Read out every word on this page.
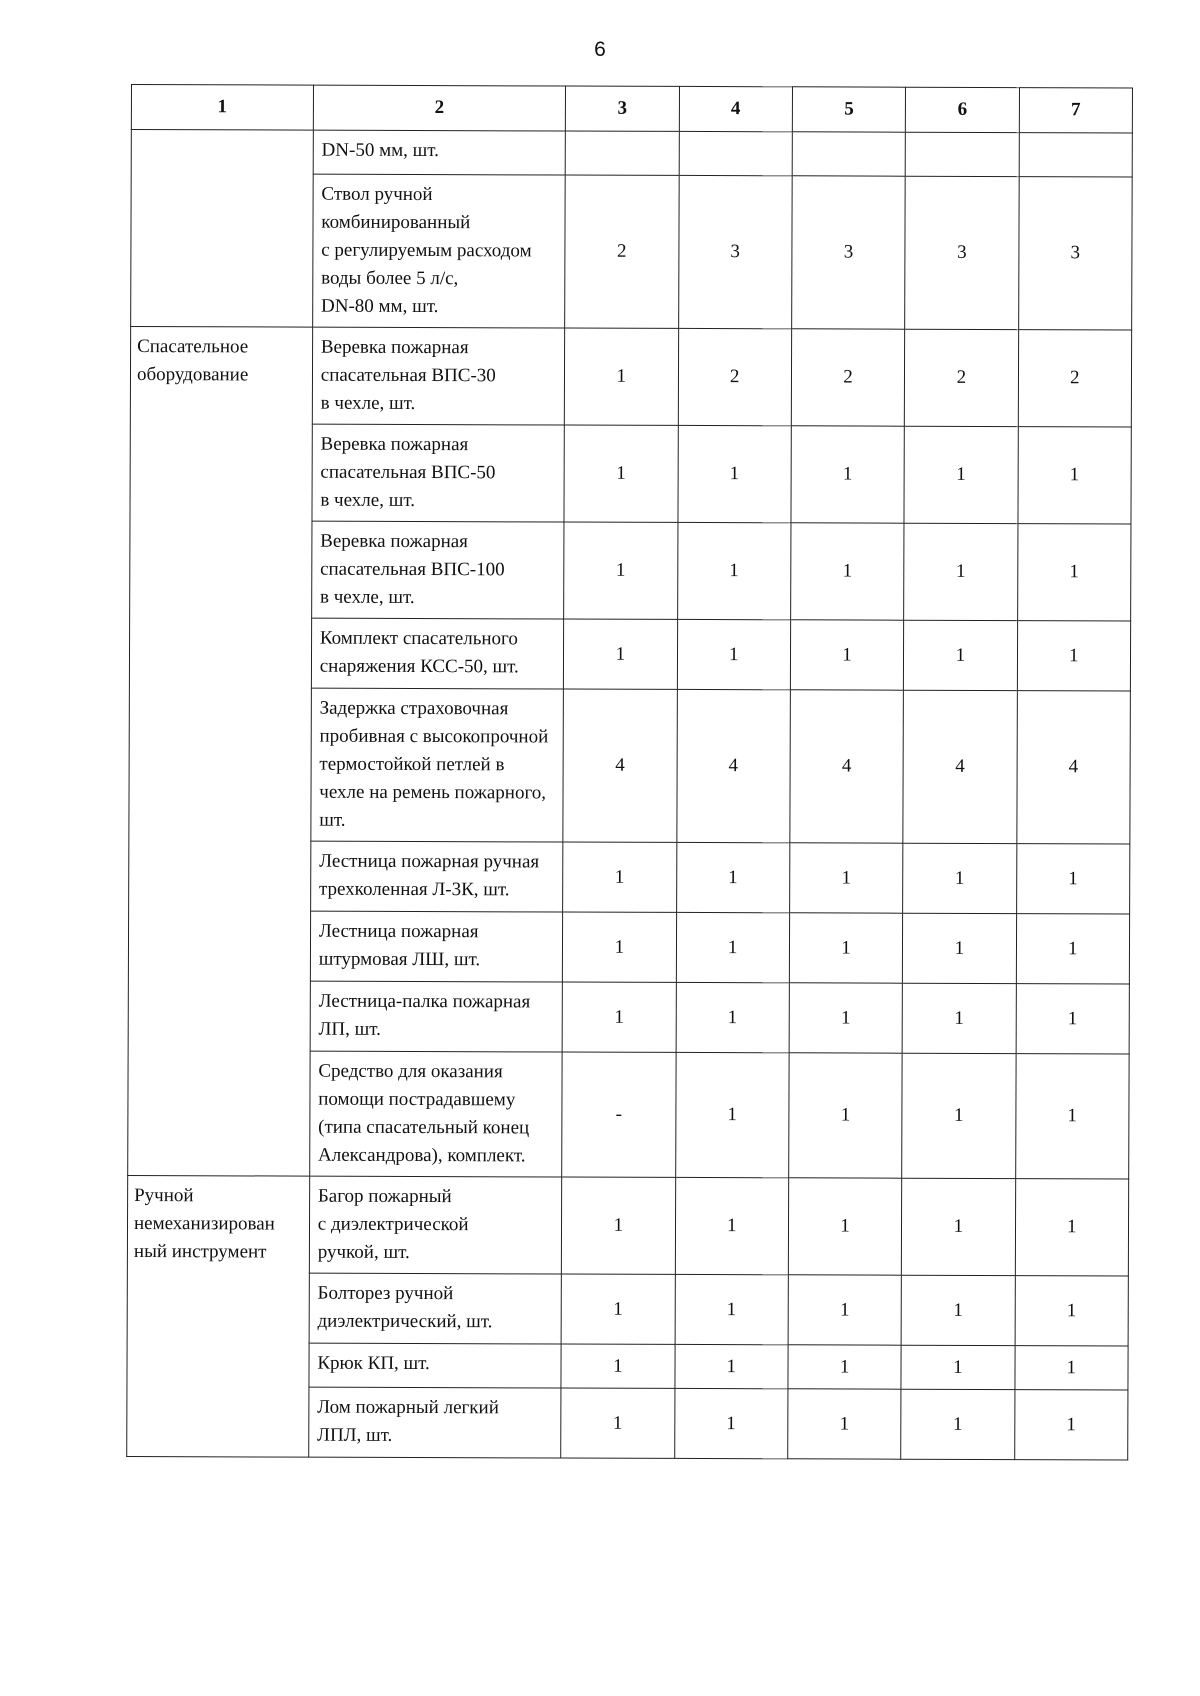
6
1	2	3	4	5	6	7

	DN-50 мм, шт.					

	Ствол ручной
комбинированный
с регулируемым расходом
воды более 5 л/с,
DN-80 мм, шт.	2	3	3	3	3

Спасательное
оборудование	Веревка пожарная
спасательная ВПС-30
в чехле, шт.	1	2	2	2	2

	Веревка пожарная
спасательная ВПС-50
в чехле, шт.	1	1	1	1	1

	Веревка пожарная
спасательная ВПС-100
в чехле, шт.	1	1	1	1	1

	Комплект спасательного
снаряжения КСС-50, шт.	1	1	1	1	1

	Задержка страховочная
пробивная с высокопрочной
термостойкой петлей в
чехле на ремень пожарного,
шт.	4	4	4	4	4

	Лестница пожарная ручная
трехколенная Л-3К, шт.	1	1	1	1	1

	Лестница пожарная
штурмовая ЛШ, шт.	1	1	1	1	1

	Лестница-палка пожарная
ЛП, шт.	1	1	1	1	1

	Средство для оказания
помощи пострадавшему
(типа спасательный конец
Александрова), комплект.	-	1	1	1	1

Ручной
немеханизирован
ный инструмент	Багор пожарный
с диэлектрической
ручкой, шт.	1	1	1	1	1

	Болторез ручной
диэлектрический, шт.	1	1	1	1	1

	Крюк КП, шт.	1	1	1	1	1

	Лом пожарный легкий
ЛПЛ, шт.	1	1	1	1	1
